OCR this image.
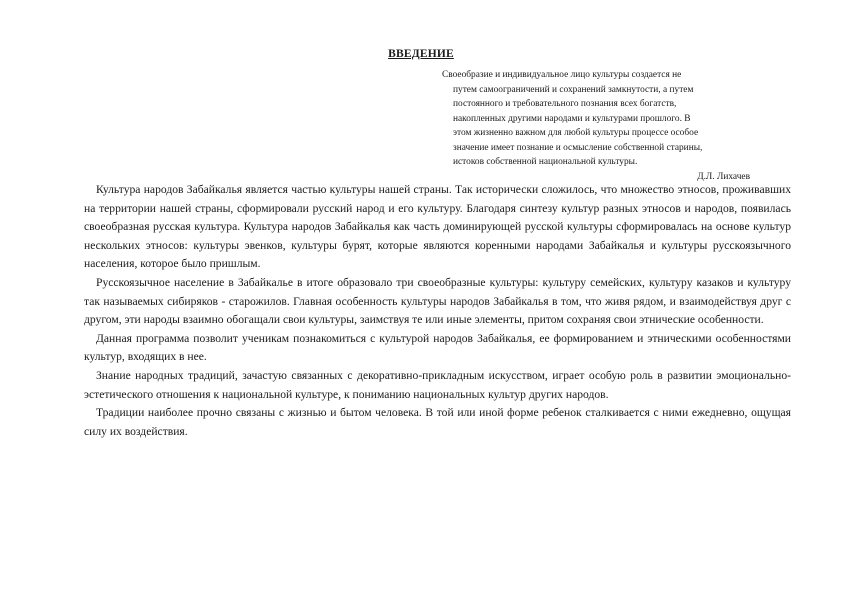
ВВЕДЕНИЕ
Своеобразие и индивидуальное лицо культуры создается не
путем самоограничений и сохранений замкнутости, а путем
постоянного и требовательного познания всех богатств,
накопленных другими народами и культурами прошлого. В
этом жизненно важном для любой культуры процессе особое
значение имеет познание и осмысление собственной старины,
истоков собственной национальной культуры.
Д.Л. Лихачев

Культура народов Забайкалья является частью культуры нашей страны. Так исторически сложилось, что множество этносов, проживавших на территории нашей страны, сформировали русский народ и его культуру. Благодаря синтезу культур разных этносов и народов, появилась своеобразная русская культура. Культура народов Забайкалья как часть доминирующей русской культуры сформировалась на основе культур нескольких этносов: культуры эвенков, культуры бурят, которые являются коренными народами Забайкалья и культуры русскоязычного населения, которое было пришлым.

Русскоязычное население в Забайкалье в итоге образовало три своеобразные культуры: культуру семейских, культуру казаков и культуру так называемых сибиряков - старожилов. Главная особенность культуры народов Забайкалья в том, что живя рядом, и взаимодействуя друг с другом, эти народы взаимно обогащали свои культуры, заимствуя те или иные элементы, притом сохраняя свои этнические особенности.

Данная программа позволит ученикам познакомиться с культурой народов Забайкалья, ее формированием и этническими особенностями культур, входящих в нее.

Знание народных традиций, зачастую связанных с декоративно-прикладным искусством, играет особую роль в развитии эмоционально-эстетического отношения к национальной культуре, к пониманию национальных культур других народов.

Традиции наиболее прочно связаны с жизнью и бытом человека. В той или иной форме ребенок сталкивается с ними ежедневно, ощущая силу их воздействия.
